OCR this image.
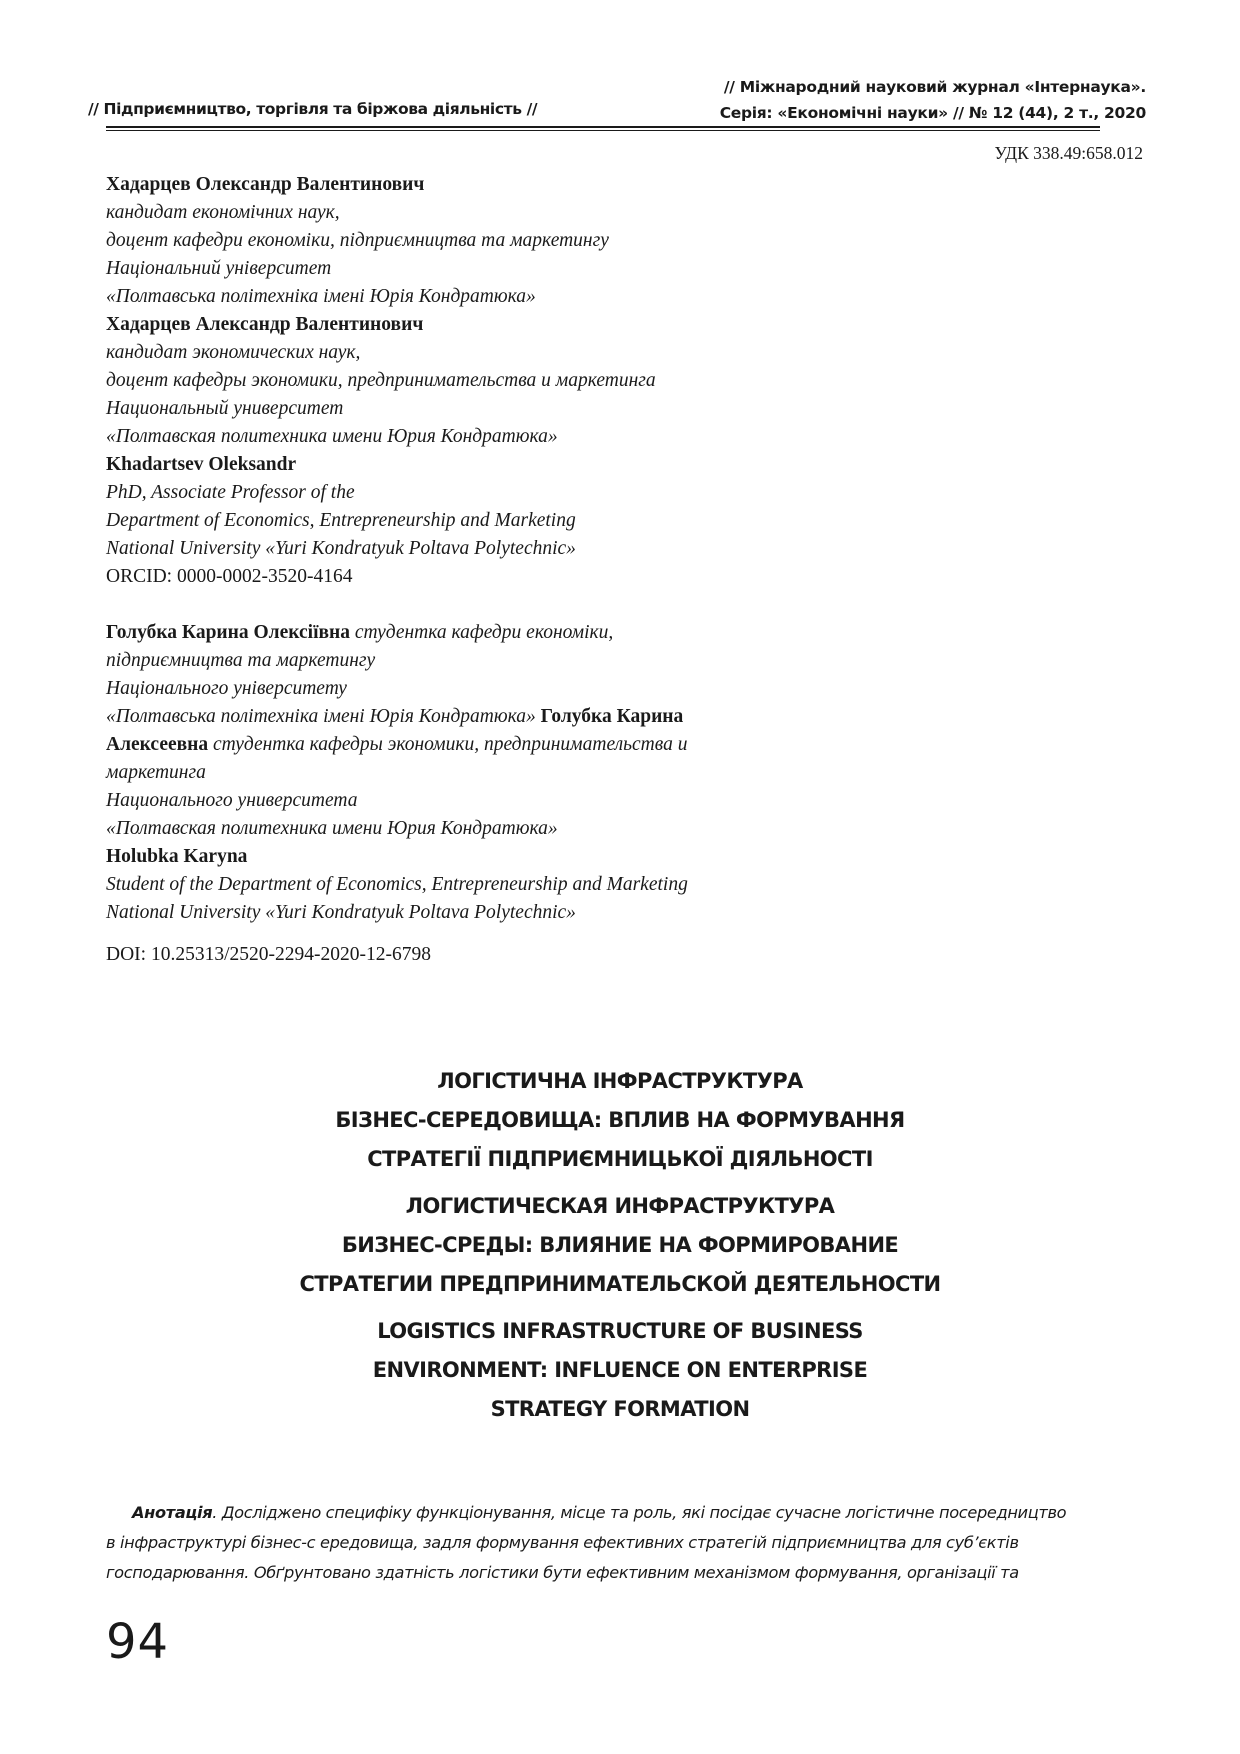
// Підприємництво, торгівля та біржова діяльність //
// Міжнародний науковий журнал «Інтернаука».
Серія: «Економічні науки» // № 12 (44), 2 т., 2020
УДК 338.49:658.012
Хадарцев Олександр Валентинович
кандидат економічних наук,
доцент кафедри економіки, підприємництва та маркетингу
Національний університет
«Полтавська політехніка імені Юрія Кондратюка»
Хадарцев Александр Валентинович
кандидат экономических наук,
доцент кафедры экономики, предпринимательства и маркетинга
Национальный университет
«Полтавская политехника имени Юрия Кондратюка»
Khadartsev Oleksandr
PhD, Associate Professor of the
Department of Economics, Entrepreneurship and Marketing
National University «Yuri Kondratyuk Poltava Polytechnic»
ORCID: 0000-0002-3520-4164
Голубка Карина Олексіївна студентка кафедри економіки,
підприємництва та маркетингу
Національного університету
«Полтавська політехніка імені Юрія Кондратюка» Голубка Карина
Алексеевна студентка кафедры экономики, предпринимательства и
маркетинга
Национального университета
«Полтавская политехника имени Юрия Кондратюка»
Holubka Karyna
Student of the Department of Economics, Entrepreneurship and Marketing
National University «Yuri Kondratyuk Poltava Polytechnic»
DOI: 10.25313/2520-2294-2020-12-6798
ЛОГІСТИЧНА ІНФРАСТРУКТУРА
БІЗНЕС-СЕРЕДОВИЩА: ВПЛИВ НА ФОРМУВАННЯ
СТРАТЕГІЇ ПІДПРИЄМНИЦЬКОЇ ДІЯЛЬНОСТІ
ЛОГИСТИЧЕСКАЯ ИНФРАСТРУКТУРА
БИЗНЕС-СРЕДЫ: ВЛИЯНИЕ НА ФОРМИРОВАНИЕ
СТРАТЕГИИ ПРЕДПРИНИМАТЕЛЬСКОЙ ДЕЯТЕЛЬНОСТИ
LOGISTICS INFRASTRUCTURE OF BUSINESS
ENVIRONMENT: INFLUENCE ON ENTERPRISE
STRATEGY FORMATION
Анотація. Досліджено специфіку функціонування, місце та роль, які посідає сучасне логістичне посередництво
в інфраструктурі бізнес-с ередовища, задля формування ефективних стратегій підприємництва для суб’єктів
господарювання. Обґрунтовано здатність логістики бути ефективним механізмом формування, організації та
94
